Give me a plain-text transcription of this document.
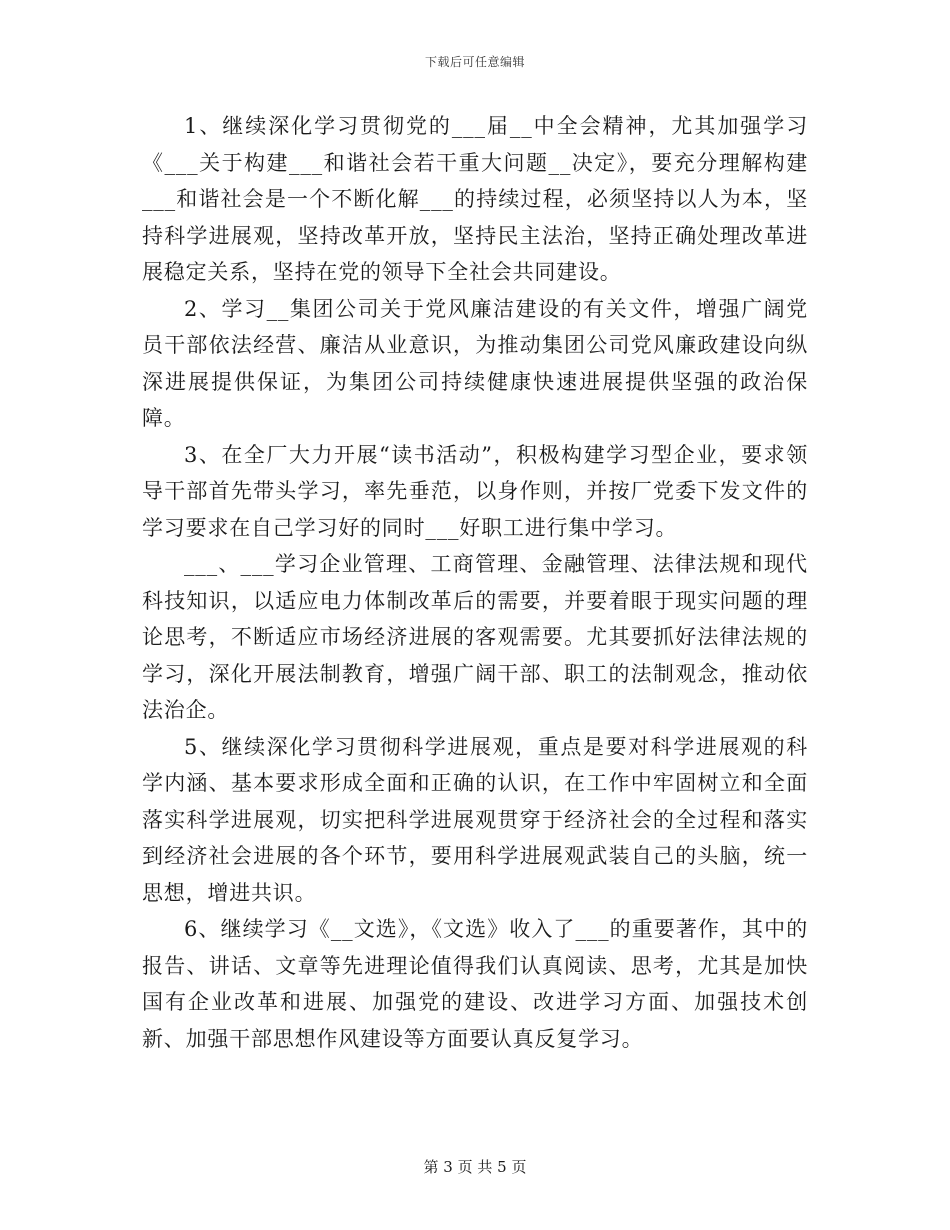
下载后可任意编辑

1、继续深化学习贯彻党的___届__中全会精神，尤其加强学习《___关于构建___和谐社会若干重大问题__决定》，要充分理解构建___和谐社会是一个不断化解___的持续过程，必须坚持以人为本，坚持科学进展观，坚持改革开放，坚持民主法治，坚持正确处理改革进展稳定关系，坚持在党的领导下全社会共同建设。

2、学习__集团公司关于党风廉洁建设的有关文件，增强广阔党员干部依法经营、廉洁从业意识，为推动集团公司党风廉政建设向纵深进展提供保证，为集团公司持续健康快速进展提供坚强的政治保障。

3、在全厂大力开展“读书活动”，积极构建学习型企业，要求领导干部首先带头学习，率先垂范，以身作则，并按厂党委下发文件的学习要求在自己学习好的同时___好职工进行集中学习。

___、___学习企业管理、工商管理、金融管理、法律法规和现代科技知识，以适应电力体制改革后的需要，并要着眼于现实问题的理论思考，不断适应市场经济进展的客观需要。尤其要抓好法律法规的学习，深化开展法制教育，增强广阔干部、职工的法制观念，推动依法治企。

5、继续深化学习贯彻科学进展观，重点是要对科学进展观的科学内涵、基本要求形成全面和正确的认识，在工作中牢固树立和全面落实科学进展观，切实把科学进展观贯穿于经济社会的全过程和落实到经济社会进展的各个环节，要用科学进展观武装自己的头脑，统一思想，增进共识。

6、继续学习《__文选》，《文选》收入了___的重要著作，其中的报告、讲话、文章等先进理论值得我们认真阅读、思考，尤其是加快国有企业改革和进展、加强党的建设、改进学习方面、加强技术创新、加强干部思想作风建设等方面要认真反复学习。

第 3 页 共 5 页
